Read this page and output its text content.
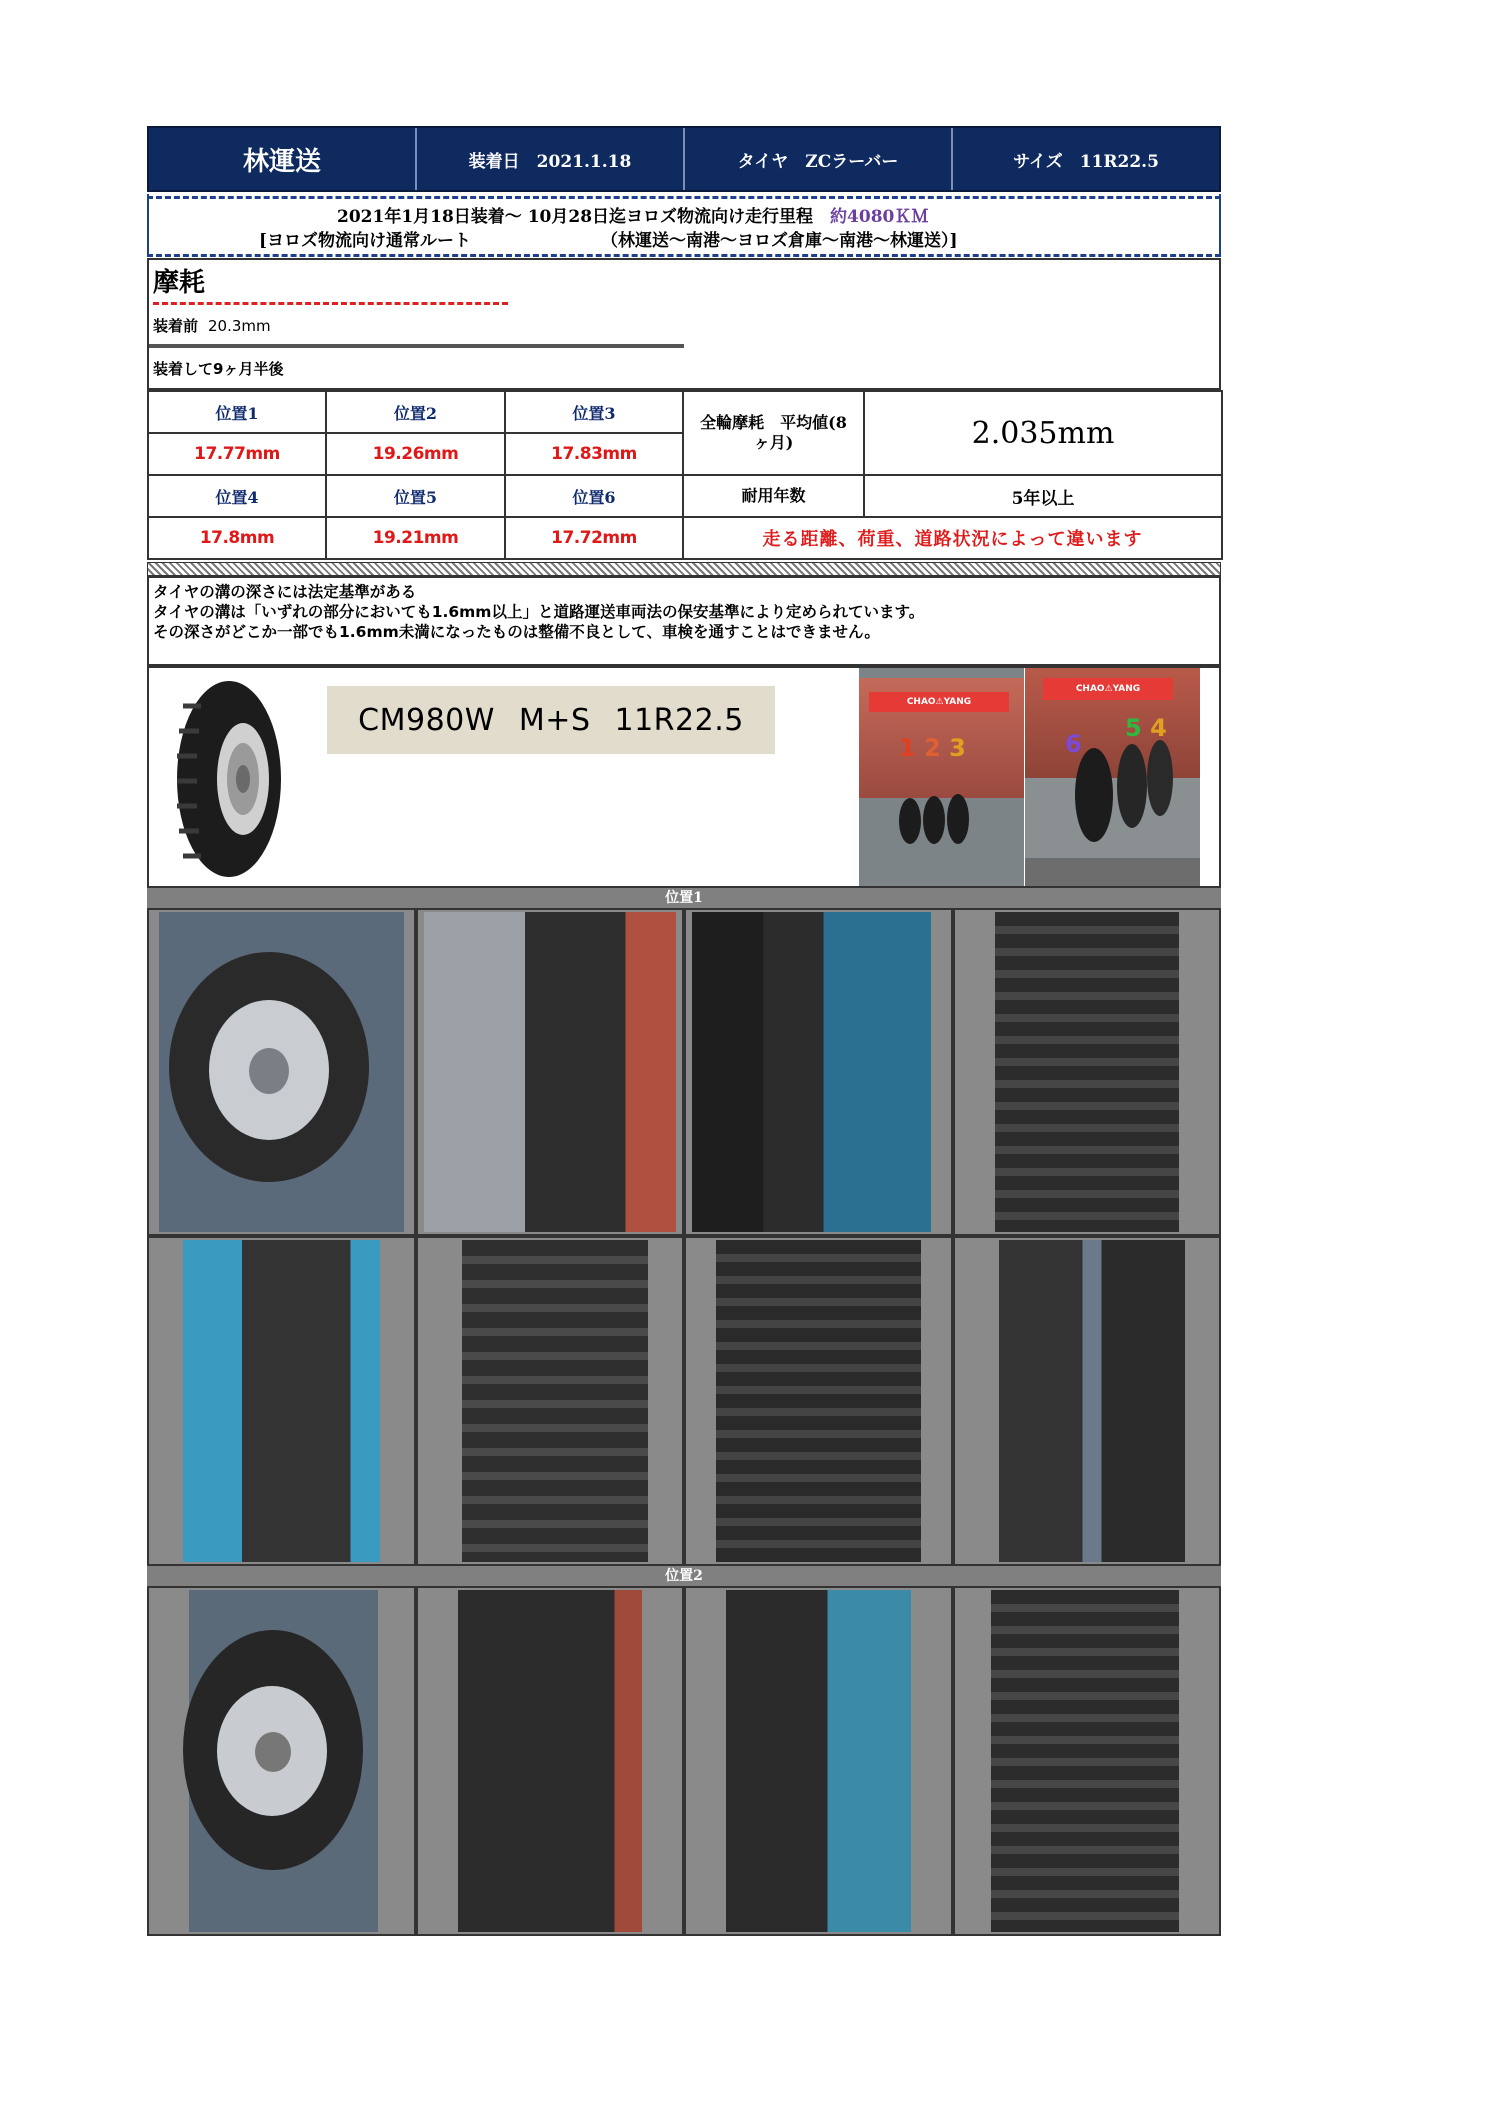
林運送	装着日　2021.1.18	タイヤ　ZCラーバー	サイズ　11R22.5
2021年1月18日装着～ 10月28日迄ヨロズ物流向け走行里程　約4080ＫＭ
[ヨロズ物流向け通常ルート	（林運送～南港～ヨロズ倉庫～南港～林運送）]
摩耗
装着前 20.3mm
装着して9ヶ月半後
位置1	位置2	位置3	全輪摩耗　平均値(8ヶ月)	2.035mm
17.77mm	19.26mm	17.83mm		
位置4	位置5	位置6	耐用年数	5年以上
17.8mm	19.21mm	17.72mm	走る距離、荷重、道路状況によって違います	
タイヤの溝の深さには法定基準がある
タイヤの溝は「いずれの部分においても1.6mm以上」と道路運送車両法の保安基準により定められています。
その深さがどこか一部でも1.6mm未満になったものは整備不良として、車検を通すことはできません。
CM980W M+S 11R22.5
CHAO⚠YANG
1 2 3
CHAO⚠YANG
6
5 4
位置1
位置2
